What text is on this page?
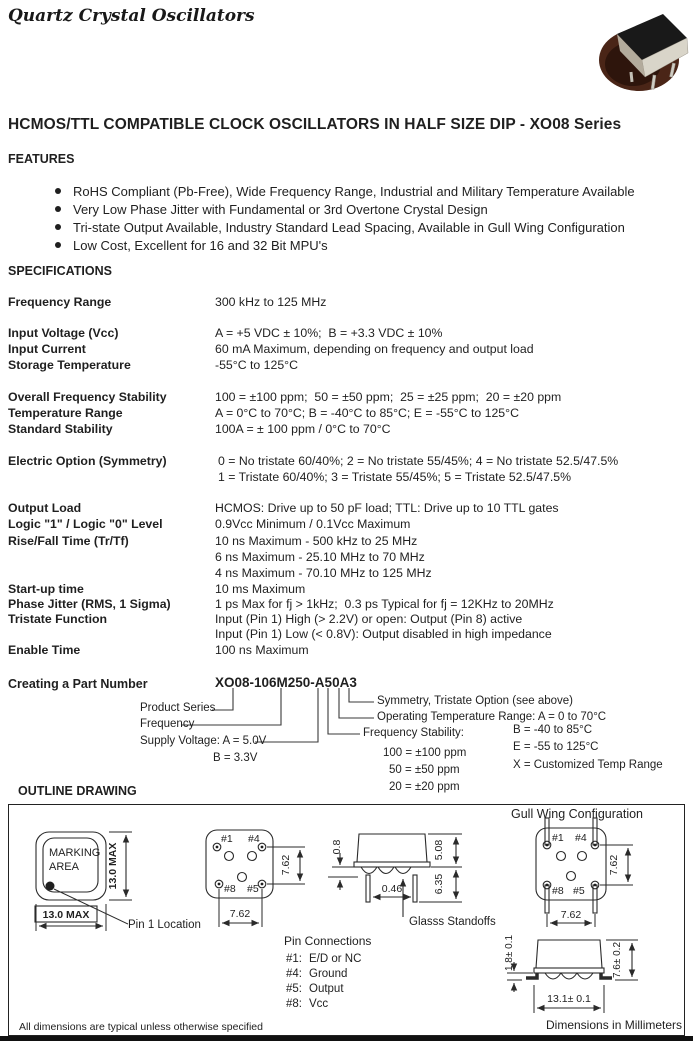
Quartz Crystal Oscillators
HCMOS/TTL COMPATIBLE CLOCK OSCILLATORS IN HALF SIZE DIP - XO08 Series
FEATURES
RoHS Compliant (Pb-Free), Wide Frequency Range, Industrial and Military Temperature Available
Very Low Phase Jitter with Fundamental or 3rd Overtone Crystal Design
Tri-state Output Available, Industry Standard Lead Spacing, Available in Gull Wing Configuration
Low Cost, Excellent for 16 and 32 Bit MPU's
SPECIFICATIONS
Frequency Range	300 kHz to 125 MHz
Input Voltage (Vcc)	A = +5 VDC ± 10%;  B = +3.3 VDC ± 10%
Input Current	60 mA Maximum, depending on frequency and output load
Storage Temperature	-55°C to 125°C
Overall Frequency Stability	100 = ±100 ppm;  50 = ±50 ppm;  25 = ±25 ppm;  20 = ±20 ppm
Temperature Range	A = 0°C to 70°C; B = -40°C to 85°C; E = -55°C to 125°C
Standard Stability	100A = ± 100 ppm / 0°C to 70°C
Electric Option (Symmetry)	0 = No tristate 60/40%; 2 = No tristate 55/45%; 4 = No tristate 52.5/47.5%
1 = Tristate 60/40%; 3 = Tristate 55/45%; 5 = Tristate 52.5/47.5%
Output Load	HCMOS: Drive up to 50 pF load; TTL: Drive up to 10 TTL gates
Logic "1" / Logic "0" Level	0.9Vcc Minimum / 0.1Vcc Maximum
Rise/Fall Time (Tr/Tf)	10 ns Maximum - 500 kHz to 25 MHz
6 ns Maximum - 25.10 MHz to 70 MHz
4 ns Maximum - 70.10 MHz to 125 MHz
Start-up time	10 ms Maximum
Phase Jitter (RMS, 1 Sigma)	1 ps Max for fj > 1kHz;  0.3 ps Typical for fj = 12KHz to 20MHz
Tristate Function	Input (Pin 1) High (> 2.2V) or open: Output (Pin 8) active
Input (Pin 1) Low (< 0.8V): Output disabled in high impedance
Enable Time	100 ns Maximum
Creating a Part Number	XO08-106M250-A50A3
Product Series
Frequency
Supply Voltage: A = 5.0V
B = 3.3V
Symmetry, Tristate Option (see above)
Operating Temperature Range: A = 0 to 70°C
Frequency Stability:
100 = ±100 ppm
50 = ±50 ppm
20 = ±20 ppm
B = -40 to 85°C
E = -55 to 125°C
X = Customized Temp Range
OUTLINE DRAWING
MARKING
AREA	13.0 MAX
13.0 MAX
Pin 1 Location
#1 #4
#8 #5
7.62
7.62
0.8	5.08
6.35
0.46
Glasss Standoffs
Gull Wing Configuration
#1 #4
#8 #5
7.62
7.62
1.8± 0.1	7.6± 0.2
13.1± 0.1
Pin Connections
#1: E/D or NC
#4: Ground
#5: Output
#8: Vcc
All dimensions are typical unless otherwise specified	Dimensions in Millimeters
